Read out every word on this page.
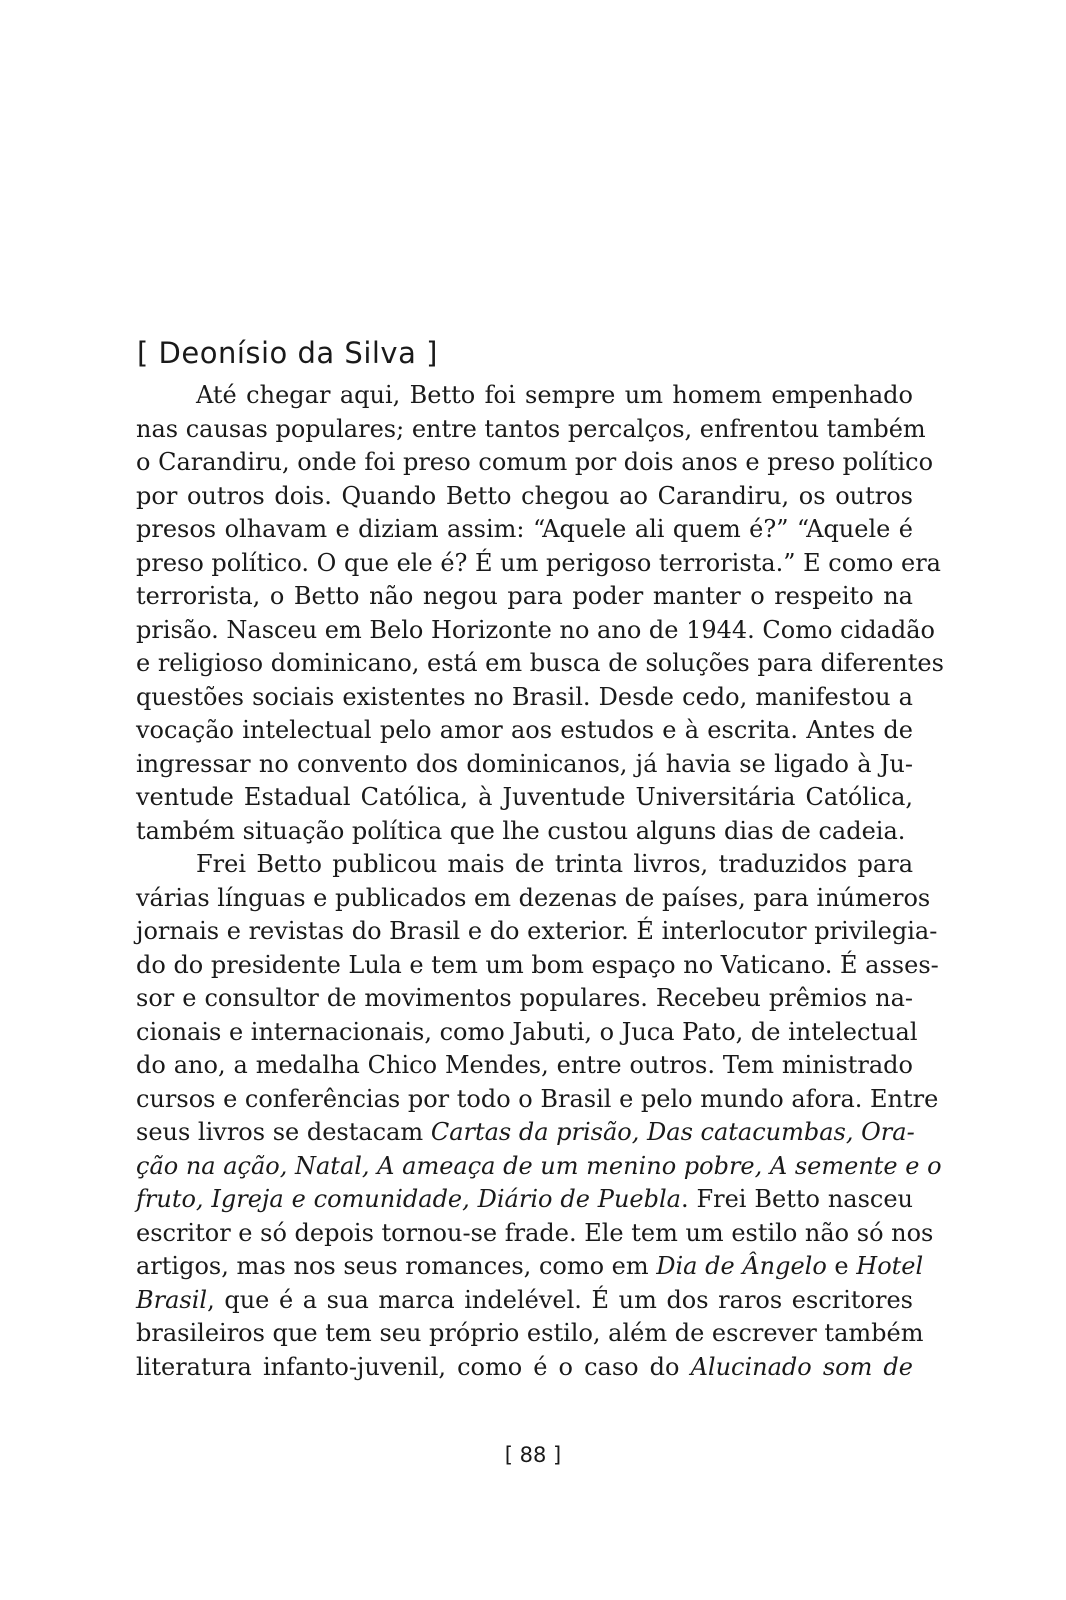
[ Deonísio da Silva ]
Até chegar aqui, Betto foi sempre um homem empenhado
nas causas populares; entre tantos percalços, enfrentou também
o Carandiru, onde foi preso comum por dois anos e preso político
por outros dois. Quando Betto chegou ao Carandiru, os outros
presos olhavam e diziam assim: “Aquele ali quem é?” “Aquele é
preso político. O que ele é? É um perigoso terrorista.” E como era
terrorista, o Betto não negou para poder manter o respeito na
prisão. Nasceu em Belo Horizonte no ano de 1944. Como cidadão
e religioso dominicano, está em busca de soluções para diferentes
questões sociais existentes no Brasil. Desde cedo, manifestou a
vocação intelectual pelo amor aos estudos e à escrita. Antes de
ingressar no convento dos dominicanos, já havia se ligado à Ju-
ventude Estadual Católica, à Juventude Universitária Católica,
também situação política que lhe custou alguns dias de cadeia.
Frei Betto publicou mais de trinta livros, traduzidos para
várias línguas e publicados em dezenas de países, para inúmeros
jornais e revistas do Brasil e do exterior. É interlocutor privilegia-
do do presidente Lula e tem um bom espaço no Vaticano. É asses-
sor e consultor de movimentos populares. Recebeu prêmios na-
cionais e internacionais, como Jabuti, o Juca Pato, de intelectual
do ano, a medalha Chico Mendes, entre outros. Tem ministrado
cursos e conferências por todo o Brasil e pelo mundo afora. Entre
seus livros se destacam Cartas da prisão, Das catacumbas, Ora-
ção na ação, Natal, A ameaça de um menino pobre, A semente e o
fruto, Igreja e comunidade, Diário de Puebla. Frei Betto nasceu
escritor e só depois tornou-se frade. Ele tem um estilo não só nos
artigos, mas nos seus romances, como em Dia de Ângelo e Hotel
Brasil, que é a sua marca indelével. É um dos raros escritores
brasileiros que tem seu próprio estilo, além de escrever também
literatura infanto-juvenil, como é o caso do Alucinado som de
[ 88 ]
